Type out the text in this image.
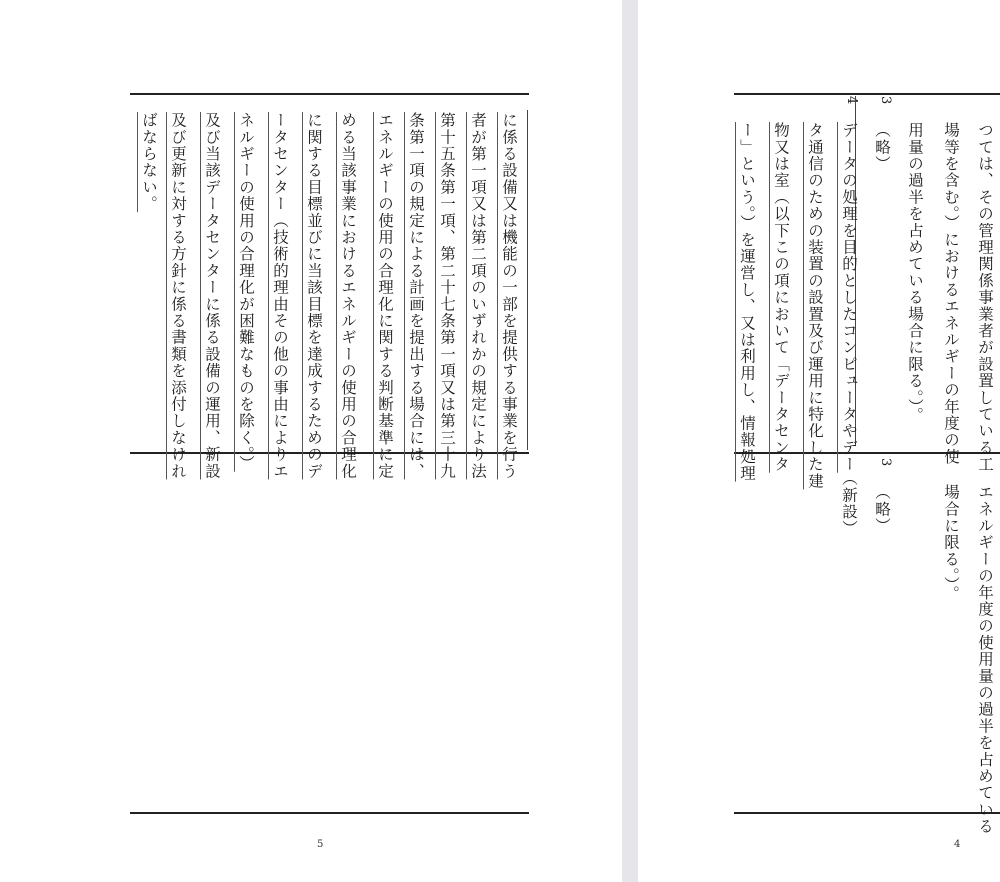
に係る設備又は機能の一部を提供する事業を行う
者が第一項又は第二項のいずれかの規定により法
第十五条第一項、第二十七条第一項又は第三十九
条第一項の規定による計画を提出する場合には、
エネルギーの使用の合理化に関する判断基準に定
める当該事業におけるエネルギーの使用の合理化
に関する目標並びに当該目標を達成するためのデ
ータセンター（技術的理由その他の事由によりエ
ネルギーの使用の合理化が困難なものを除く。）
及び当該データセンターに係る設備の運用、新設
及び更新に対する方針に係る書類を添付しなけれ
ばならない。
5
つては、その管理関係事業者が設置している工
場等を含む。）におけるエネルギーの年度の使
用量の過半を占めている場合に限る。）。
3
（略）
4
データの処理を目的としたコンピュータやデー
タ通信のための装置の設置及び運用に特化した建
物又は室（以下この項において「データセンタ
ー」という。）を運営し、又は利用し、情報処理
エネルギーの年度の使用量の過半を占めている
場合に限る。）。
3
（略）
（新設）
4
